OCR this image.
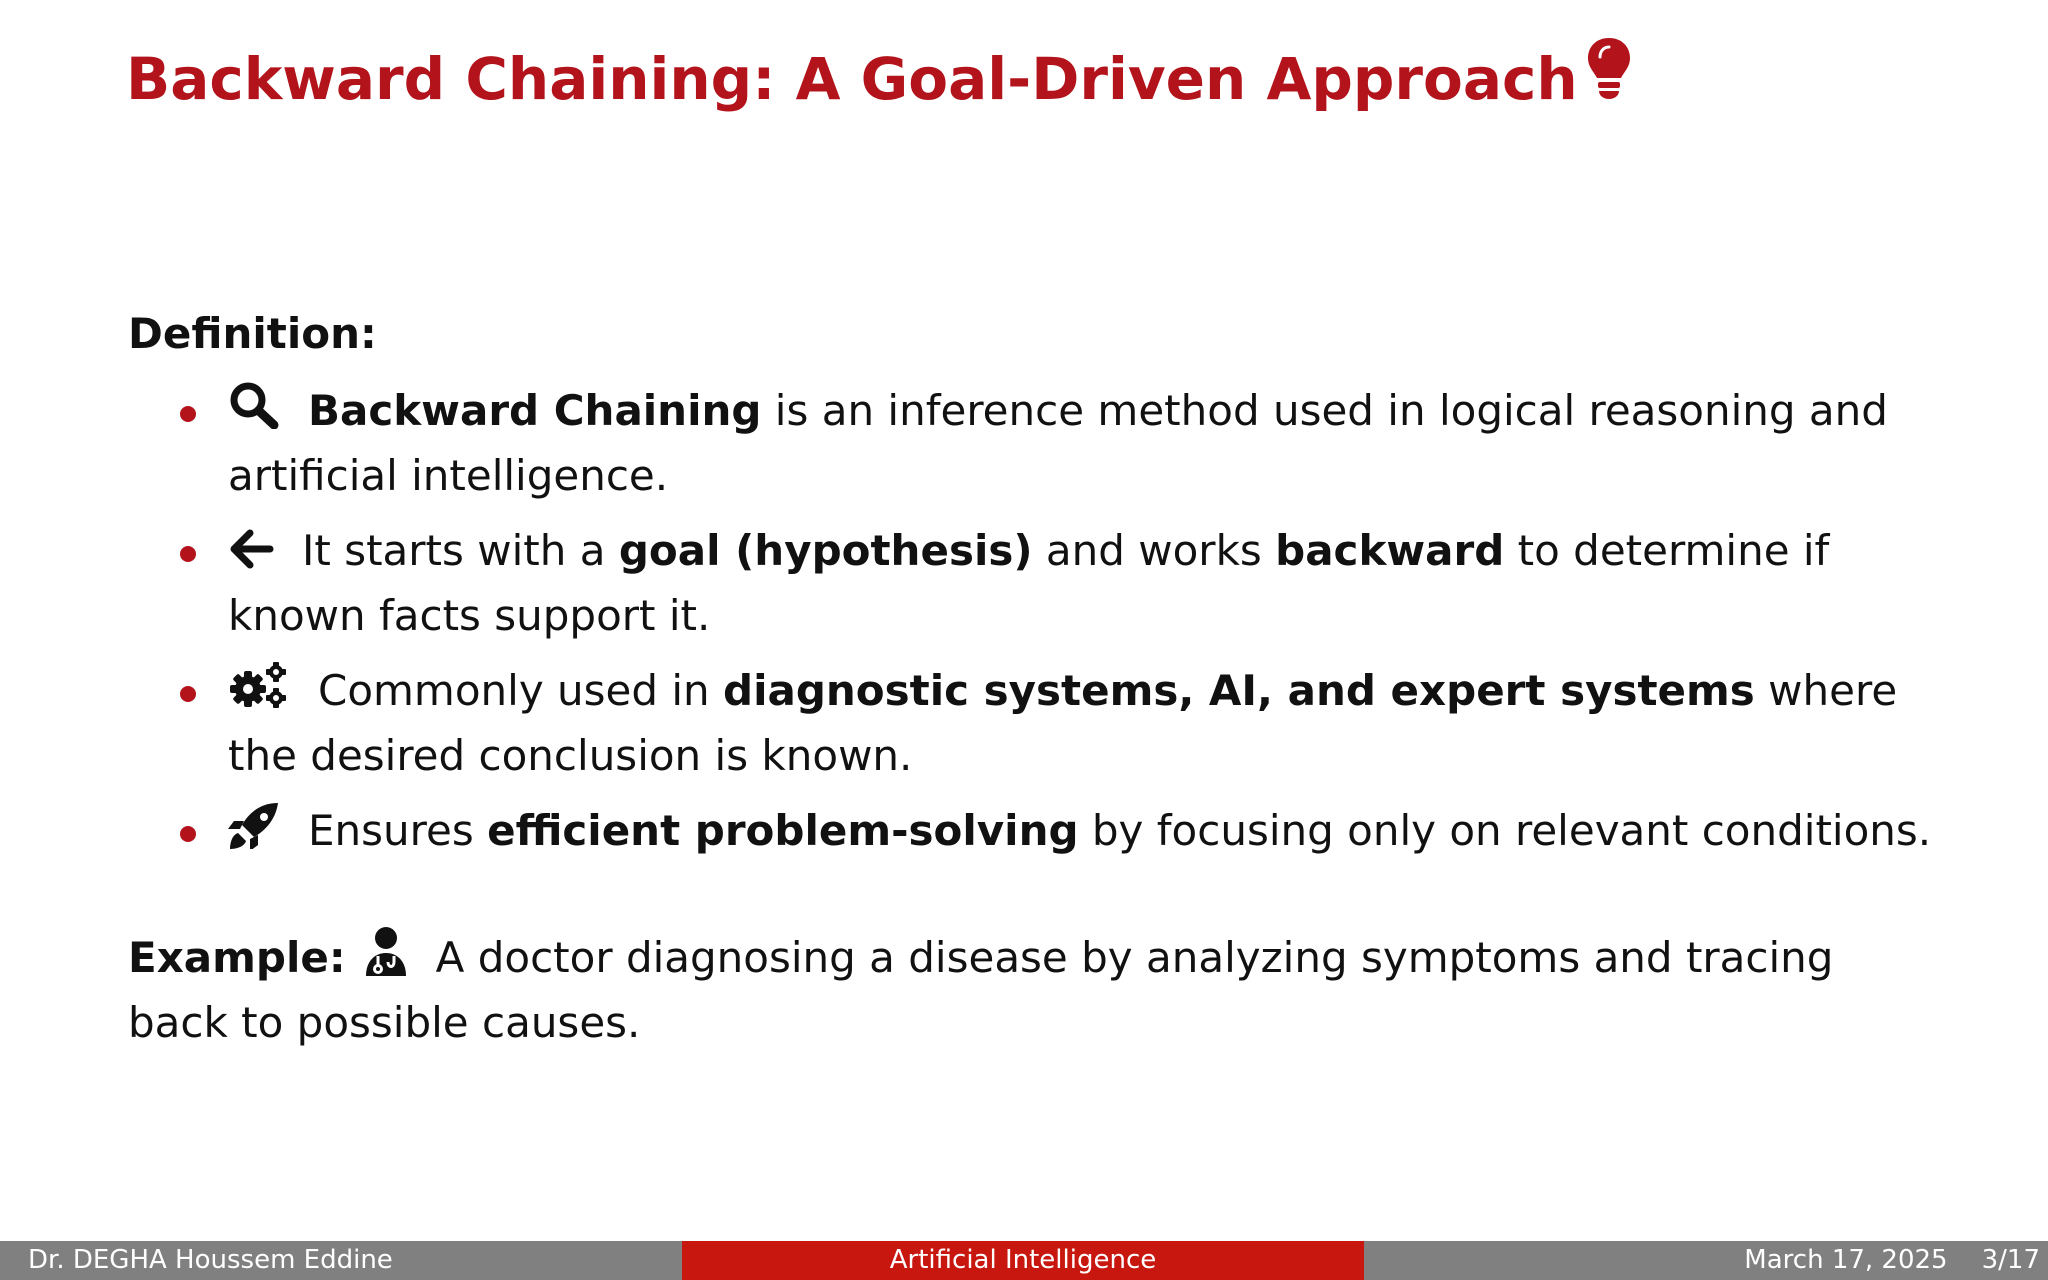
Backward Chaining: A Goal-Driven Approach
Definition:
Backward Chaining is an inference method used in logical reasoning and artificial intelligence.
It starts with a goal (hypothesis) and works backward to determine if known facts support it.
Commonly used in diagnostic systems, AI, and expert systems where the desired conclusion is known.
Ensures efficient problem-solving by focusing only on relevant conditions.
Example: A doctor diagnosing a disease by analyzing symptoms and tracing back to possible causes.
Dr. DEGHA Houssem Eddine	Artificial Intelligence	March 17, 2025 3/17
